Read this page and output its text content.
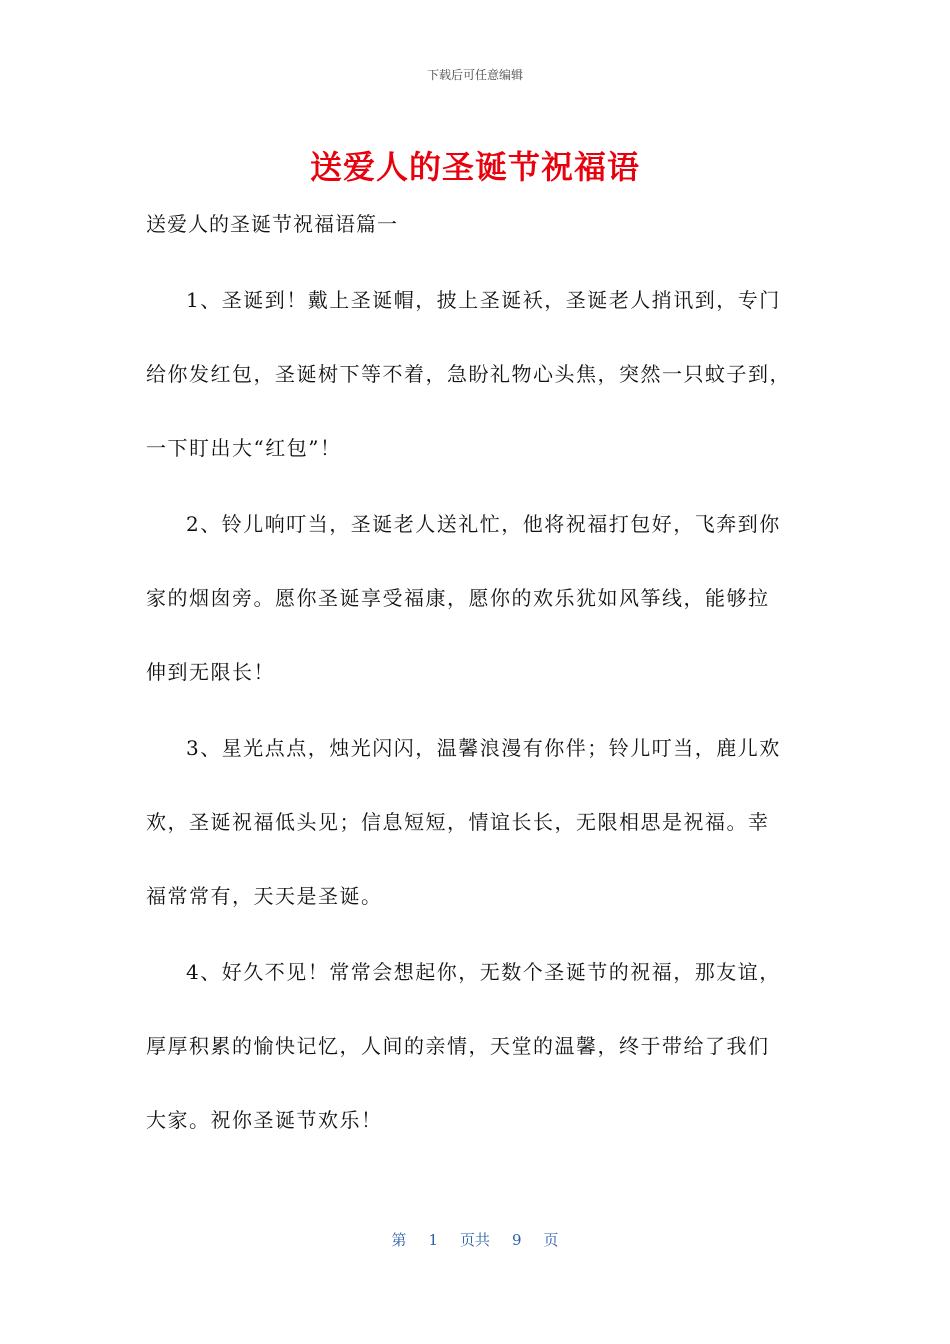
下载后可任意编辑
送爱人的圣诞节祝福语
送爱人的圣诞节祝福语篇一
1、圣诞到！戴上圣诞帽，披上圣诞袄，圣诞老人捎讯到，专门
给你发红包，圣诞树下等不着，急盼礼物心头焦，突然一只蚊子到，
一下盯出大“红包”！
2、铃儿响叮当，圣诞老人送礼忙，他将祝福打包好，飞奔到你
家的烟囱旁。愿你圣诞享受福康，愿你的欢乐犹如风筝线，能够拉
伸到无限长！
3、星光点点，烛光闪闪，温馨浪漫有你伴；铃儿叮当，鹿儿欢
欢，圣诞祝福低头见；信息短短，情谊长长，无限相思是祝福。幸
福常常有，天天是圣诞。
4、好久不见！常常会想起你，无数个圣诞节的祝福，那友谊，
厚厚积累的愉快记忆，人间的亲情，天堂的温馨，终于带给了我们
大家。祝你圣诞节欢乐！
第 1 页共 9 页
